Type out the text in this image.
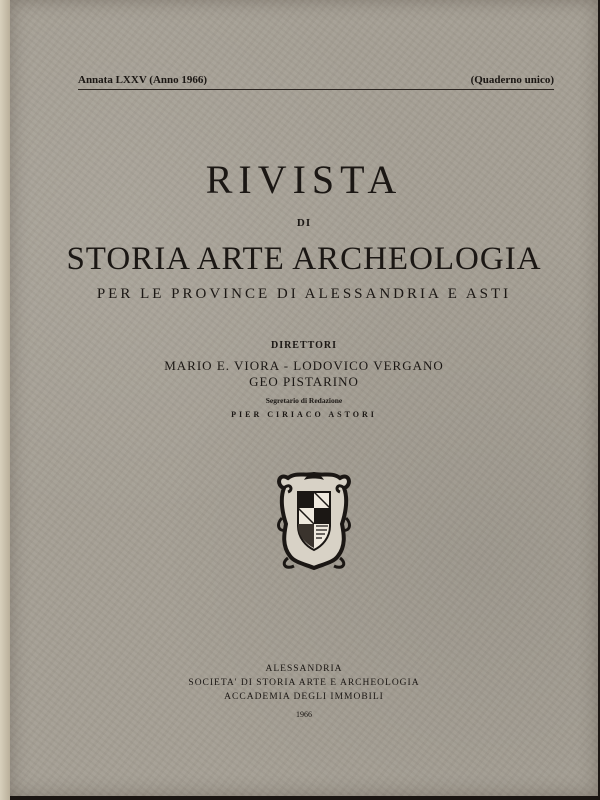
Annata LXXV (Anno 1966)	(Quaderno unico)
RIVISTA
DI
STORIA ARTE ARCHEOLOGIA
PER LE PROVINCE DI ALESSANDRIA E ASTI
DIRETTORI
MARIO E. VIORA - LODOVICO VERGANO
GEO PISTARINO
Segretario di Redazione
PIER CIRIACO ASTORI
ALESSANDRIA
SOCIETA' DI STORIA ARTE E ARCHEOLOGIA
ACCADEMIA DEGLI IMMOBILI
1966
